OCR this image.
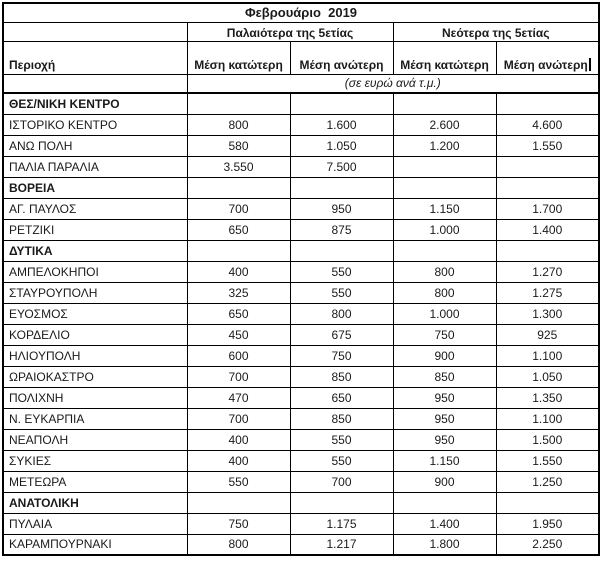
Φεβρουάριο  2019				
	Παλαιότερα της 5ετίας		Νεότερα της 5ετίας	
Περιοχή	Μέση κατώτερη	Μέση ανώτερη	Μέση κατώτερη	Μέση ανώτερη
	(σε ευρώ ανά τ.μ.)			
ΘΕΣ/ΝΙΚΗ ΚΕΝΤΡΟ				
ΙΣΤΟΡΙΚΟ ΚΕΝΤΡΟ	800	1.600	2.600	4.600
ΑΝΩ ΠΟΛΗ	580	1.050	1.200	1.550
ΠΑΛΙΑ ΠΑΡΑΛΙΑ	3.550	7.500		
ΒΟΡΕΙΑ				
ΑΓ. ΠΑΥΛΟΣ	700	950	1.150	1.700
ΡΕΤΖΙΚΙ	650	875	1.000	1.400
ΔΥΤΙΚΑ				
ΑΜΠΕΛΟΚΗΠΟΙ	400	550	800	1.270
ΣΤΑΥΡΟΥΠΟΛΗ	325	550	800	1.275
ΕΥΟΣΜΟΣ	650	800	1.000	1.300
ΚΟΡΔΕΛΙΟ	450	675	750	925
ΗΛΙΟΥΠΟΛΗ	600	750	900	1.100
ΩΡΑΙΟΚΑΣΤΡΟ	700	850	850	1.050
ΠΟΛΙΧΝΗ	470	650	950	1.350
Ν. ΕΥΚΑΡΠΙΑ	700	850	950	1.100
ΝΕΑΠΟΛΗ	400	550	950	1.500
ΣΥΚΙΕΣ	400	550	1.150	1.550
ΜΕΤΕΩΡΑ	550	700	900	1.250
ΑΝΑΤΟΛΙΚΗ				
ΠΥΛΑΙΑ	750	1.175	1.400	1.950
ΚΑΡΑΜΠΟΥΡΝΑΚΙ	800	1.217	1.800	2.250
